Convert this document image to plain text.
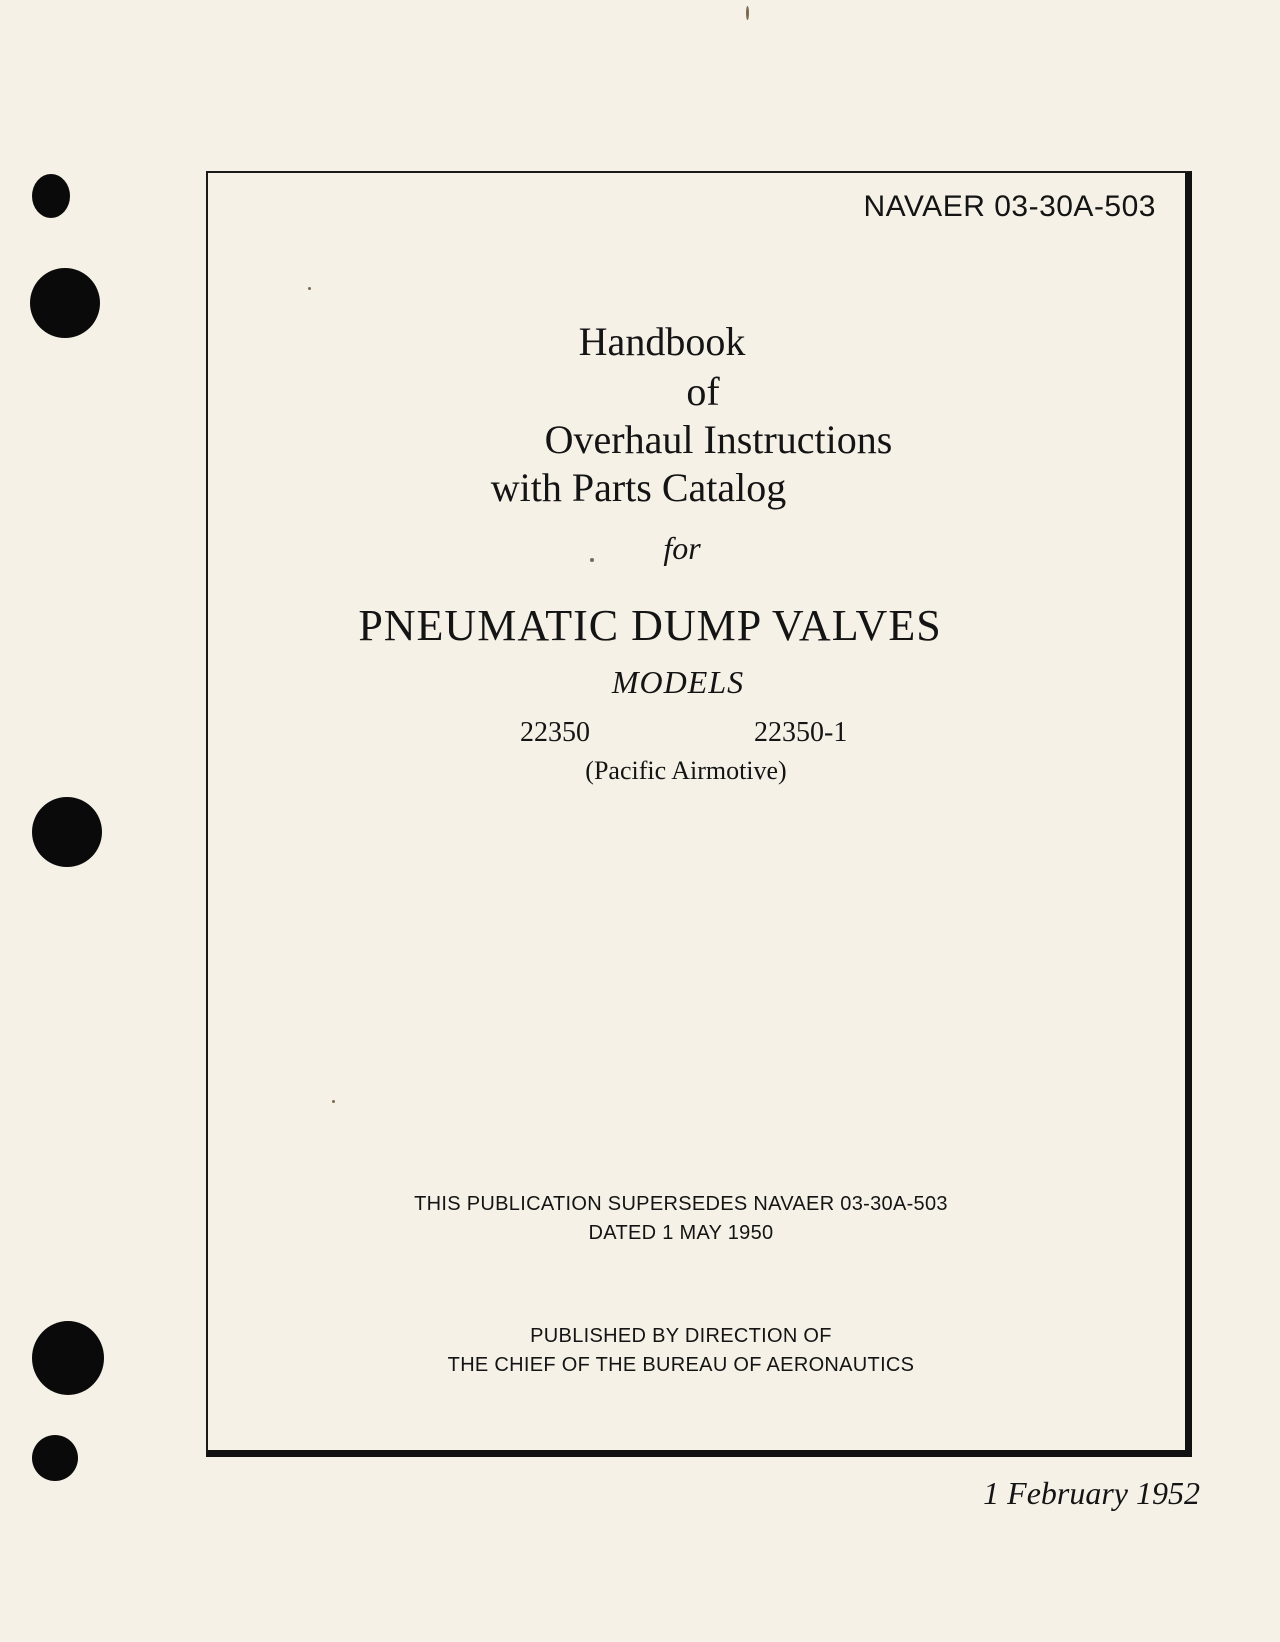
NAVAER 03-30A-503
Handbook
of
Overhaul Instructions
with Parts Catalog
for
PNEUMATIC DUMP VALVES
MODELS
22350	22350-1
(Pacific Airmotive)
THIS PUBLICATION SUPERSEDES NAVAER 03-30A-503
DATED 1 MAY 1950
PUBLISHED BY DIRECTION OF
THE CHIEF OF THE BUREAU OF AERONAUTICS
1 February 1952
